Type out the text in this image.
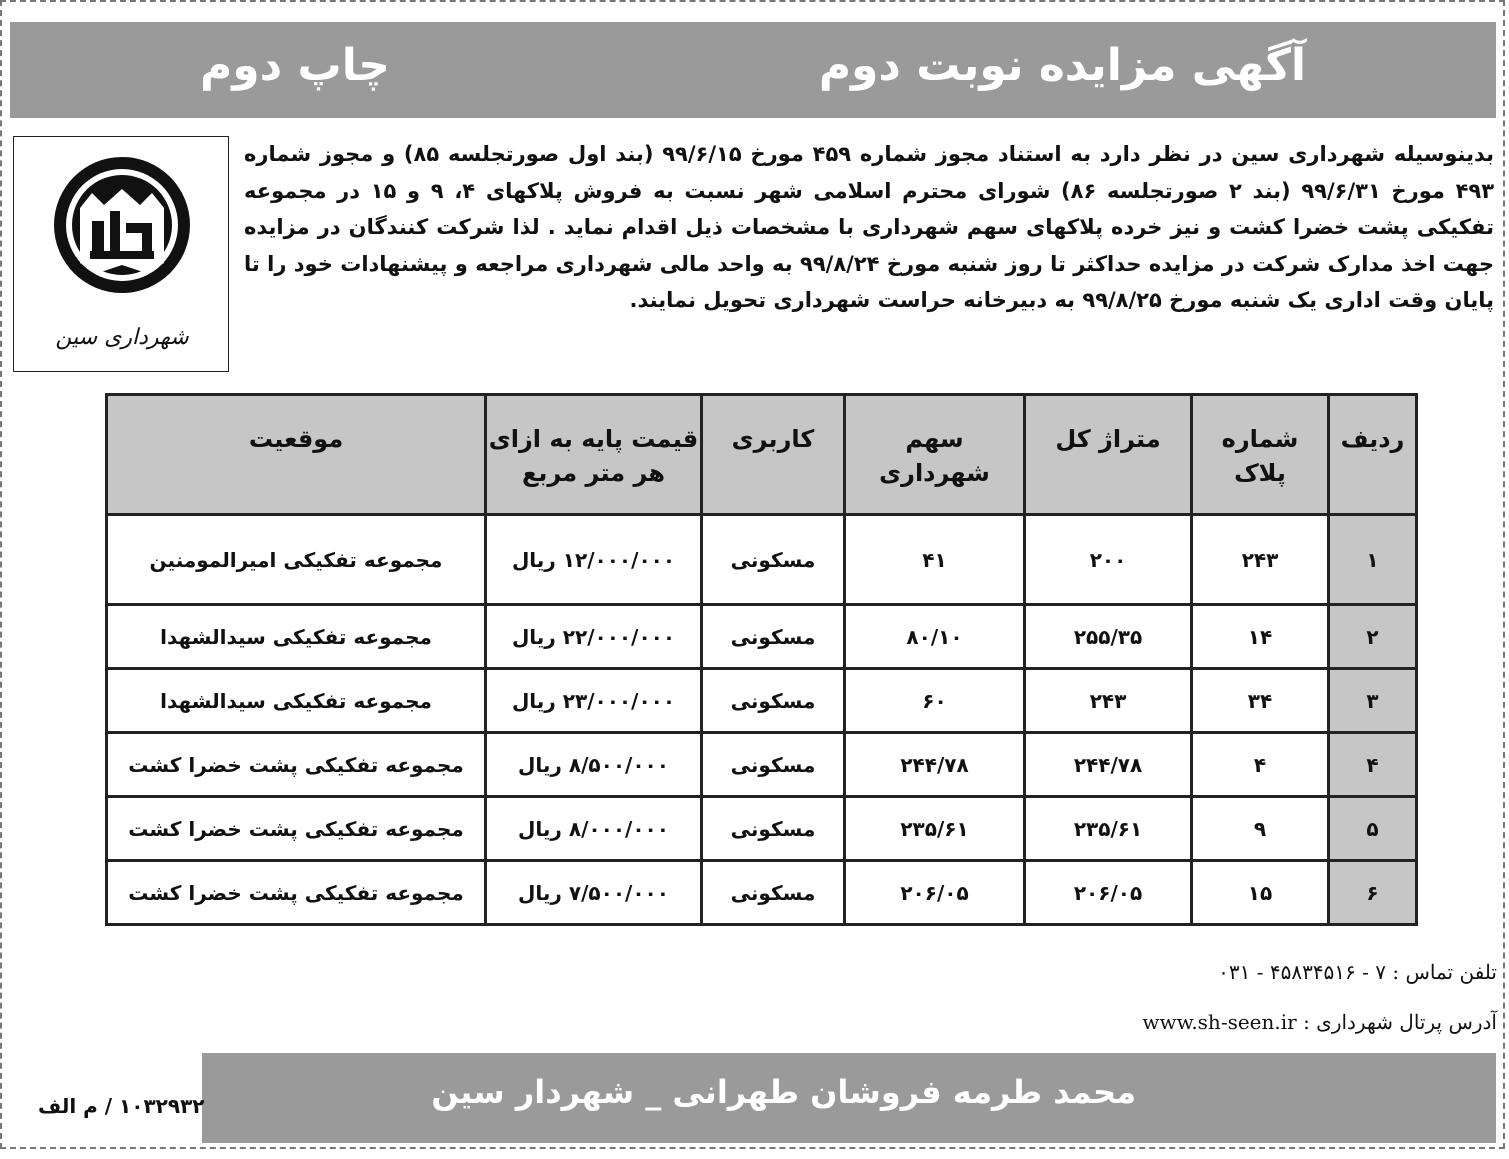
آگهی مزایده نوبت دوم
چاپ دوم
شهرداری سین
بدینوسیله شهرداری سین در نظر دارد به استناد مجوز شماره ۴۵۹ مورخ ۹۹/۶/۱۵ (بند اول صورتجلسه ۸۵) و مجوز شماره ۴۹۳ مورخ ۹۹/۶/۳۱ (بند ۲ صورتجلسه ۸۶) شورای محترم اسلامی شهر نسبت به فروش پلاکهای ۴، ۹ و ۱۵ در مجموعه تفکیکی پشت خضرا کشت و نیز خرده پلاکهای سهم شهرداری با مشخصات ذیل اقدام نماید . لذا شرکت کنندگان در مزایده جهت اخذ مدارک شرکت در مزایده حداکثر تا روز شنبه مورخ ۹۹/۸/۲۴ به واحد مالی شهرداری مراجعه و پیشنهادات خود را تا پایان وقت اداری یک شنبه مورخ ۹۹/۸/۲۵ به دبیرخانه حراست شهرداری تحویل نمایند.
ردیف	شماره پلاک	متراژ کل	سهم شهرداری	کاربری	قیمت پایه به ازای هر متر مربع	موقعیت
۱	۲۴۳	۲۰۰	۴۱	مسکونی	۱۲/۰۰۰/۰۰۰ ریال	مجموعه تفکیکی امیرالمومنین
۲	۱۴	۲۵۵/۳۵	۸۰/۱۰	مسکونی	۲۲/۰۰۰/۰۰۰ ریال	مجموعه تفکیکی سیدالشهدا
۳	۳۴	۲۴۳	۶۰	مسکونی	۲۳/۰۰۰/۰۰۰ ریال	مجموعه تفکیکی سیدالشهدا
۴	۴	۲۴۴/۷۸	۲۴۴/۷۸	مسکونی	۸/۵۰۰/۰۰۰ ریال	مجموعه تفکیکی پشت خضرا کشت
۵	۹	۲۳۵/۶۱	۲۳۵/۶۱	مسکونی	۸/۰۰۰/۰۰۰ ریال	مجموعه تفکیکی پشت خضرا کشت
۶	۱۵	۲۰۶/۰۵	۲۰۶/۰۵	مسکونی	۷/۵۰۰/۰۰۰ ریال	مجموعه تفکیکی پشت خضرا کشت
تلفن تماس : ۷ - ۴۵۸۳۴۵۱۶ - ۰۳۱
آدرس پرتال شهرداری : www.sh-seen.ir
محمد طرمه فروشان طهرانی _ شهردار سین
۱۰۳۲۹۳۲ / م الف
